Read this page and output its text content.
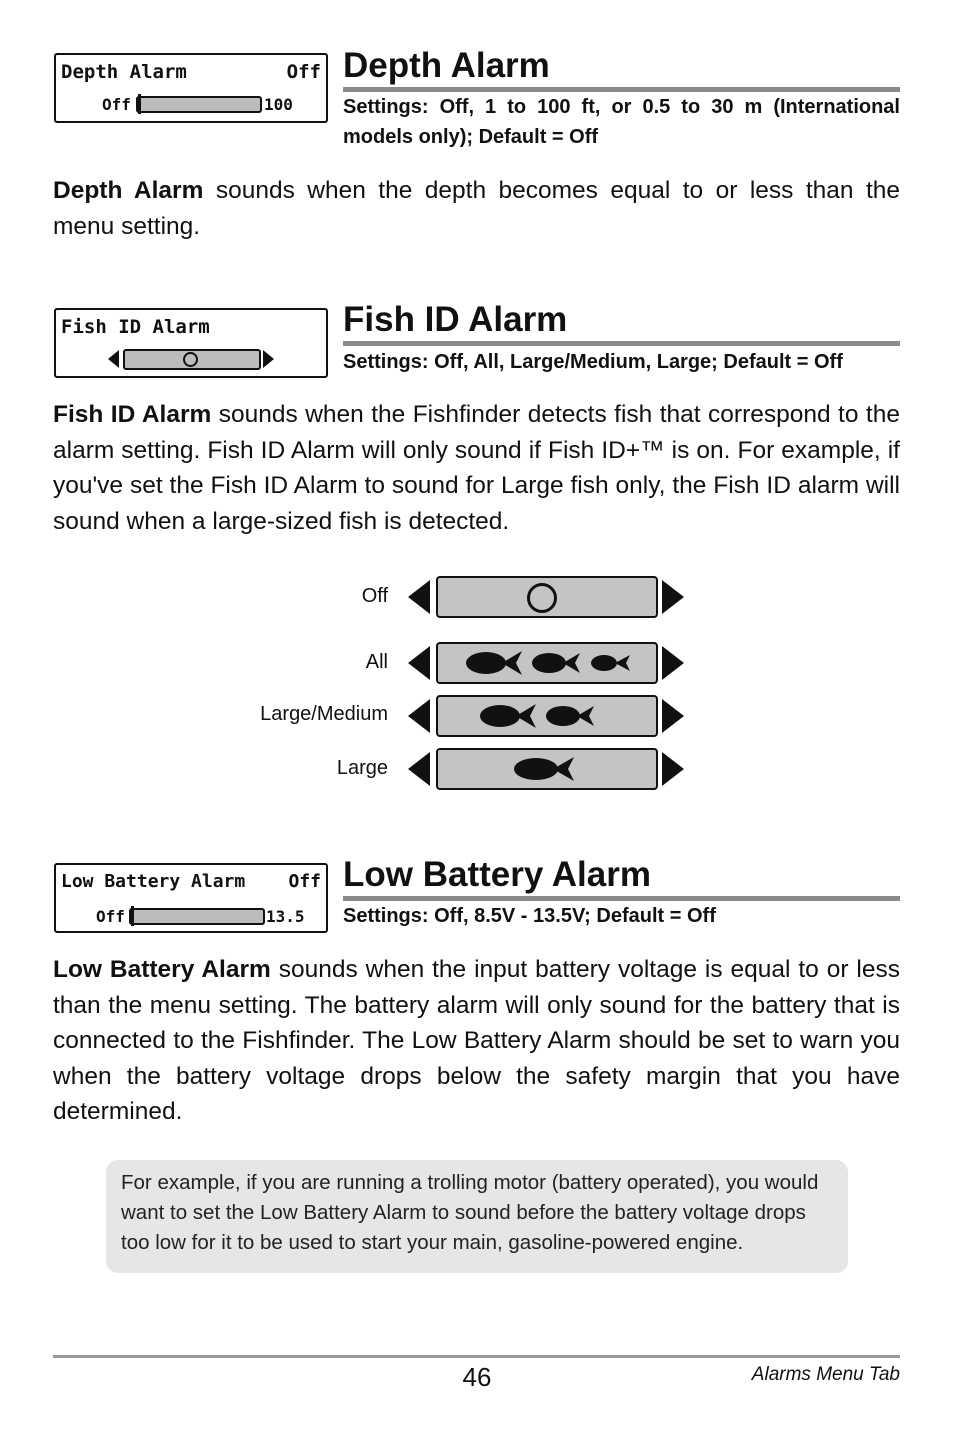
Depth Alarm	Off
Off	100
Depth Alarm
Settings: Off, 1 to 100 ft, or 0.5 to 30 m (International models only); Default = Off
Depth Alarm sounds when the depth becomes equal to or less than the menu setting.
Fish ID Alarm	Fish ID Alarm
Settings: Off, All, Large/Medium, Large; Default = Off
Fish ID Alarm sounds when the Fishfinder detects fish that correspond to the alarm setting. Fish ID Alarm will only sound if Fish ID+™ is on. For example, if you've set the Fish ID Alarm to sound for Large fish only, the Fish ID alarm will sound when a large-sized fish is detected.
Off
All
Large/Medium
Large
Low Battery Alarm Off
Off	13.5
Low Battery Alarm
Settings: Off, 8.5V - 13.5V; Default = Off
Low Battery Alarm sounds when the input battery voltage is equal to or less than the menu setting. The battery alarm will only sound for the battery that is connected to the Fishfinder. The Low Battery Alarm should be set to warn you when the battery voltage drops below the safety margin that you have determined.
For example, if you are running a trolling motor (battery operated), you would want to set the Low Battery Alarm to sound before the battery voltage drops too low for it to be used to start your main, gasoline-powered engine.
46	Alarms Menu Tab
